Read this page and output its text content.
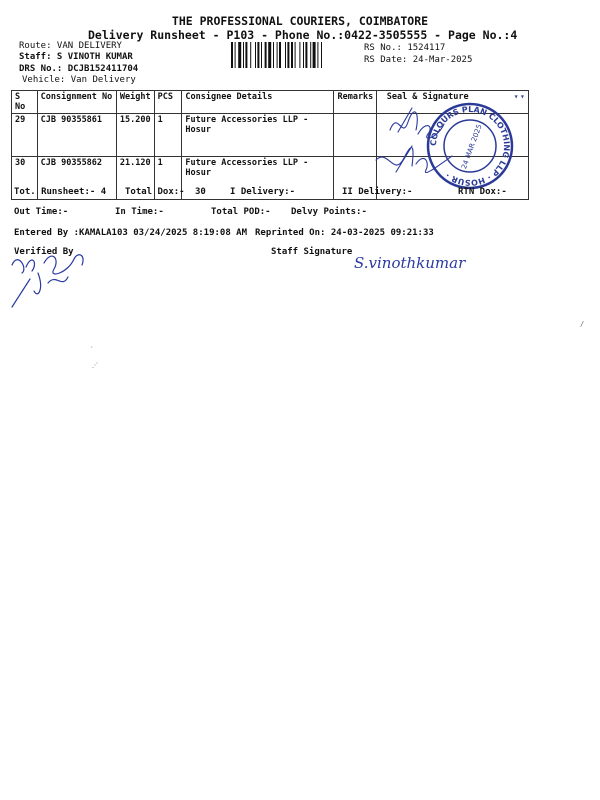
THE PROFESSIONAL COURIERS, COIMBATORE
Delivery Runsheet - P103 - Phone No.:0422-3505555 - Page No.:4
Route: VAN DELIVERY
Staff: S VINOTH KUMAR
DRS No.: DCJB152411704
Vehicle: Van Delivery
RS No.: 1524117
RS Date: 24-Mar-2025
S No	Consignment No	Weight	PCS	Consignee Details	Remarks	Seal & Signature ▾
29	CJB 90355861	15.200	1	Future Accessories LLP - Hosur		
30	CJB 90355862	21.120	1	Future Accessories LLP - Hosur		
COLOURS PLAN CLOTHING LLP · HOSUR ·
24 MAR 2025
Tot. Runsheet:- 4 Total Dox:- 30	I Delivery:-	II Delivery:-	RTN Dox:-
Out Time:-	In Time:-	Total POD:- Delvy Points:-
Entered By :KAMALA103 03/24/2025 8:19:08 AM Reprinted On: 24-03-2025 09:21:33
Verified By	Staff Signature
S.vinothkumar
·
⋰
/
▾
